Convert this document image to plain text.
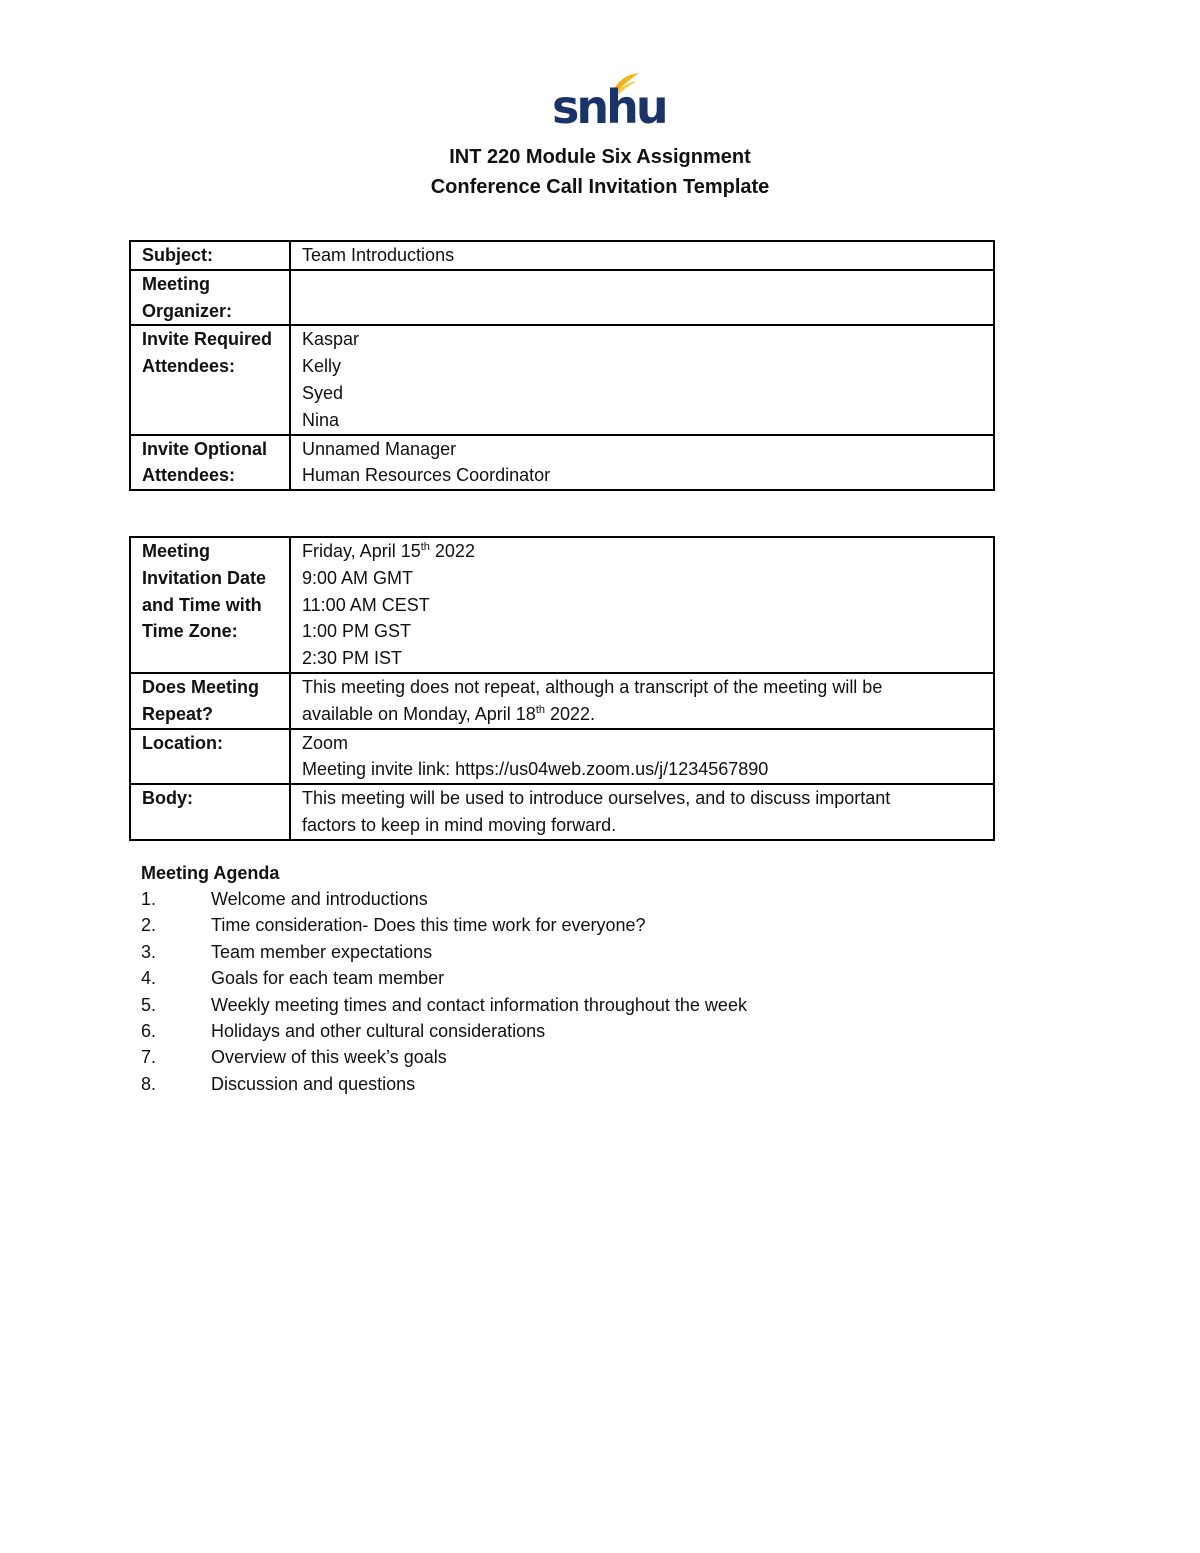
snhu
INT 220 Module Six Assignment
Conference Call Invitation Template
Subject:	Team Introductions

Meeting
Organizer:	

Invite Required
Attendees:	Kaspar
Kelly
Syed
Nina

Invite Optional
Attendees:	Unnamed Manager
Human Resources Coordinator
Meeting
Invitation Date
and Time with
Time Zone:	Friday, April 15th 2022
9:00 AM GMT
11:00 AM CEST
1:00 PM GST
2:30 PM IST

Does Meeting
Repeat?	This meeting does not repeat, although a transcript of the meeting will be
available on Monday, April 18th 2022.

Location:	Zoom
Meeting invite link: https://us04web.zoom.us/j/1234567890

Body:	This meeting will be used to introduce ourselves, and to discuss important
factors to keep in mind moving forward.
Meeting Agenda
1.	Welcome and introductions
2.	Time consideration- Does this time work for everyone?
3.	Team member expectations
4.	Goals for each team member
5.	Weekly meeting times and contact information throughout the week
6.	Holidays and other cultural considerations
7.	Overview of this week’s goals
8.	Discussion and questions
